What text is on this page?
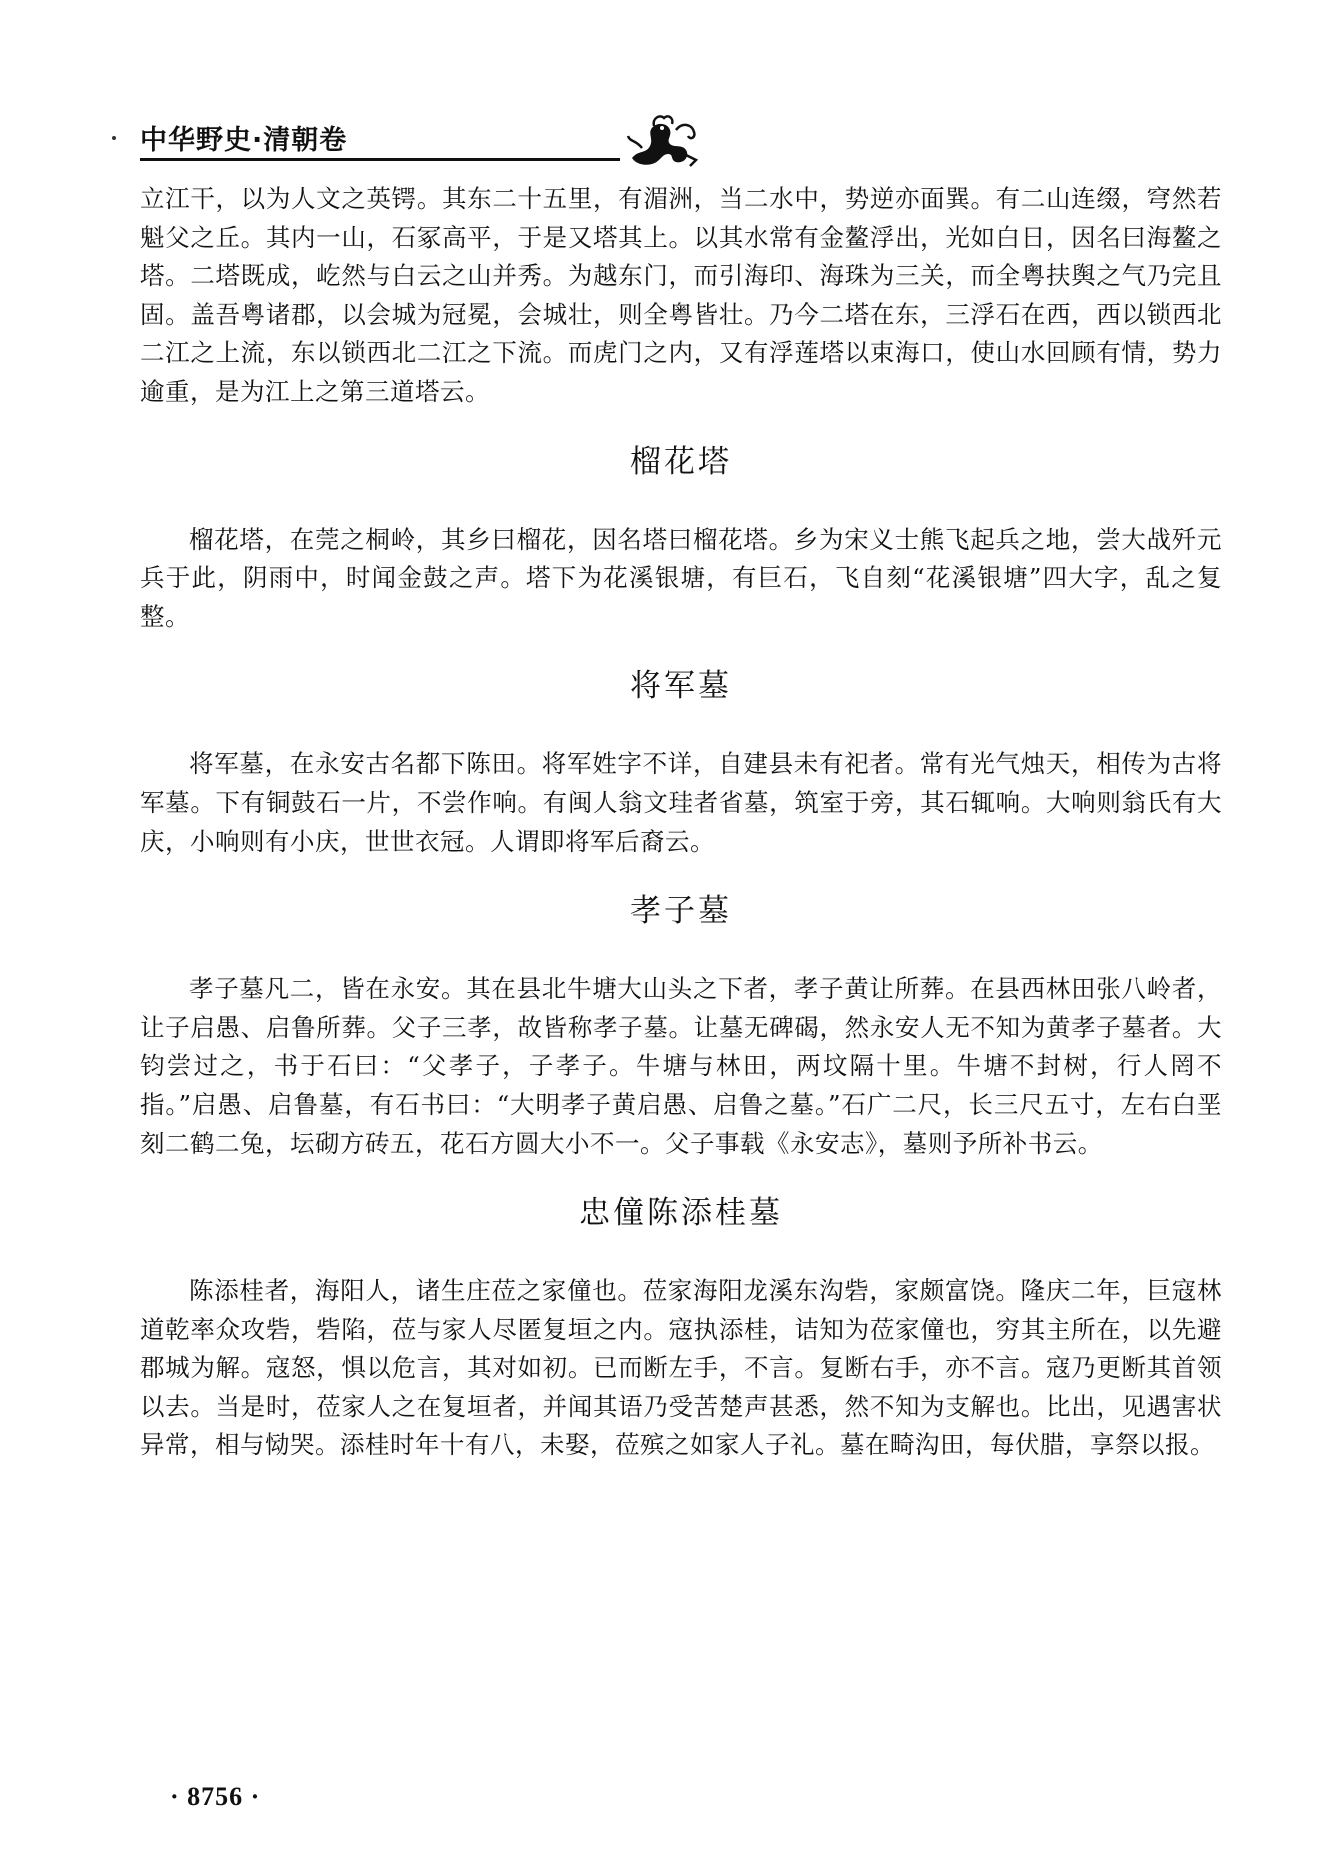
中华野史·清朝卷

立江干，以为人文之英锷。其东二十五里，有湄洲，当二水中，势逆亦面巽。有二山连缀，穹然若魁父之丘。其内一山，石冢高平，于是又塔其上。以其水常有金鳌浮出，光如白日，因名曰海鳌之塔。二塔既成，屹然与白云之山并秀。为越东门，而引海印、海珠为三关，而全粤扶舆之气乃完且固。盖吾粤诸郡，以会城为冠冕，会城壮，则全粤皆壮。乃今二塔在东，三浮石在西，西以锁西北二江之上流，东以锁西北二江之下流。而虎门之内，又有浮莲塔以束海口，使山水回顾有情，势力逾重，是为江上之第三道塔云。

榴花塔

榴花塔，在莞之桐岭，其乡曰榴花，因名塔曰榴花塔。乡为宋义士熊飞起兵之地，尝大战歼元兵于此，阴雨中，时闻金鼓之声。塔下为花溪银塘，有巨石，飞自刻“花溪银塘”四大字，乱之复整。

将军墓

将军墓，在永安古名都下陈田。将军姓字不详，自建县未有祀者。常有光气烛天，相传为古将军墓。下有铜鼓石一片，不尝作响。有闽人翁文珪者省墓，筑室于旁，其石辄响。大响则翁氏有大庆，小响则有小庆，世世衣冠。人谓即将军后裔云。

孝子墓

孝子墓凡二，皆在永安。其在县北牛塘大山头之下者，孝子黄让所葬。在县西林田张八岭者，让子启愚、启鲁所葬。父子三孝，故皆称孝子墓。让墓无碑碣，然永安人无不知为黄孝子墓者。大钧尝过之，书于石曰：“父孝子，子孝子。牛塘与林田，两坟隔十里。牛塘不封树，行人罔不指。”启愚、启鲁墓，有石书曰：“大明孝子黄启愚、启鲁之墓。”石广二尺，长三尺五寸，左右白垩刻二鹤二兔，坛砌方砖五，花石方圆大小不一。父子事载《永安志》，墓则予所补书云。

忠僮陈添桂墓

陈添桂者，海阳人，诸生庄莅之家僮也。莅家海阳龙溪东沟砦，家颇富饶。隆庆二年，巨寇林道乾率众攻砦，砦陷，莅与家人尽匿复垣之内。寇执添桂，诘知为莅家僮也，穷其主所在，以先避郡城为解。寇怒，惧以危言，其对如初。已而断左手，不言。复断右手，亦不言。寇乃更断其首领以去。当是时，莅家人之在复垣者，并闻其语乃受苦楚声甚悉，然不知为支解也。比出，见遇害状异常，相与恸哭。添桂时年十有八，未娶，莅殡之如家人子礼。墓在畸沟田，每伏腊，享祭以报。

· 8756 ·
